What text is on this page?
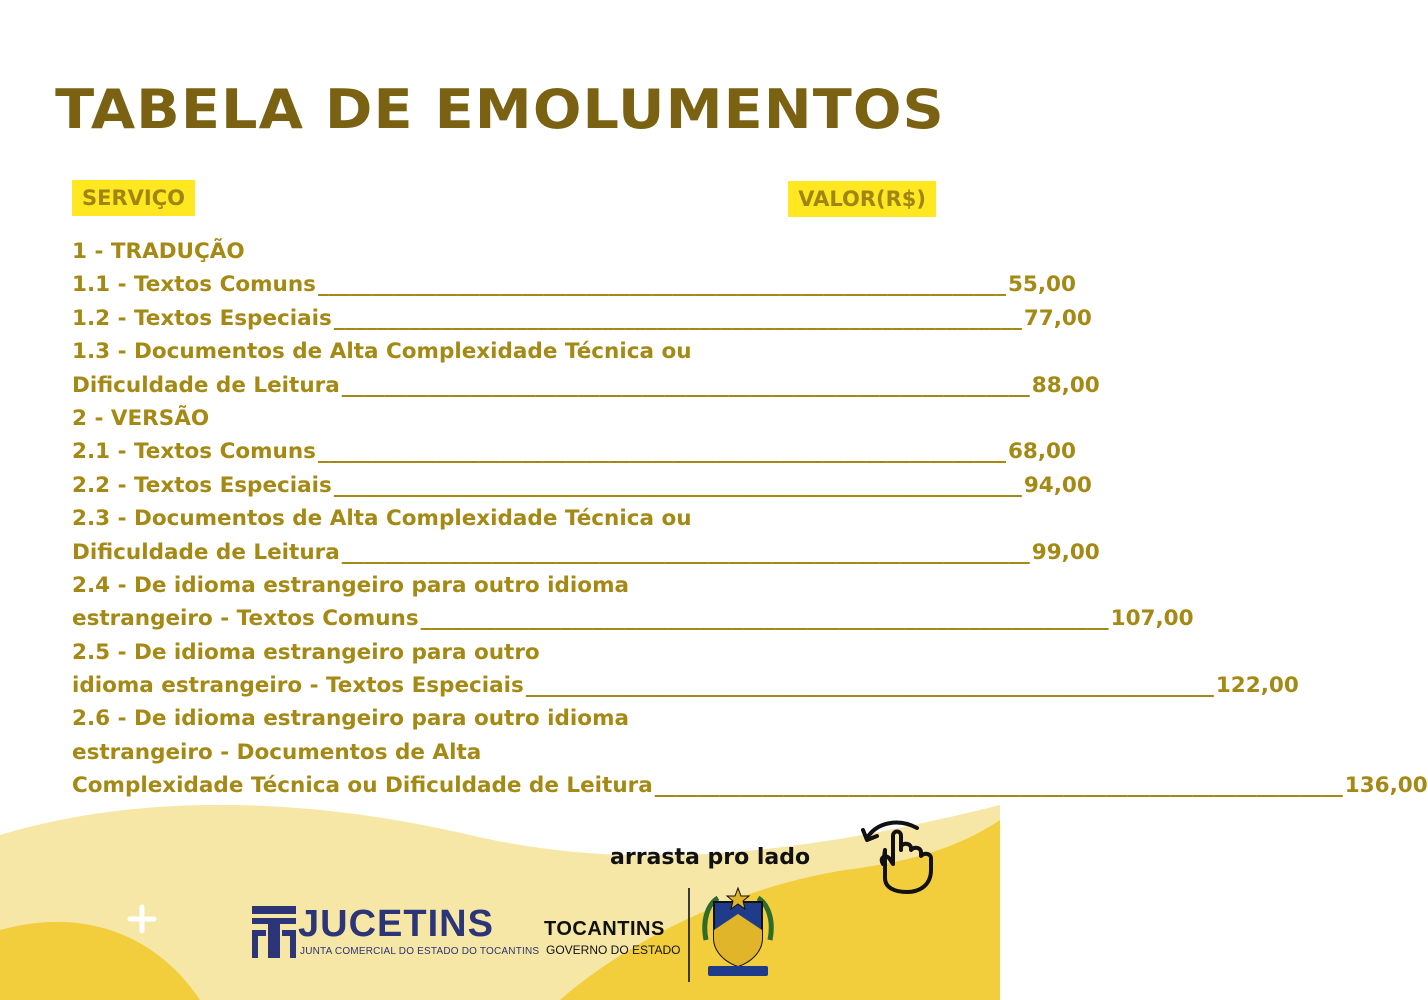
TABELA DE EMOLUMENTOS
SERVIÇO	VALOR(R$)
1 - TRADUÇÃO
1.1 - Textos Comuns ________________________________________________________________ 55,00
1.2 - Textos Especiais ________________________________________________________________ 77,00
1.3 - Documentos de Alta Complexidade Técnica ou
Dificuldade de Leitura ________________________________________________________________ 88,00
2 - VERSÃO
2.1 - Textos Comuns ________________________________________________________________ 68,00
2.2 - Textos Especiais ________________________________________________________________ 94,00
2.3 - Documentos de Alta Complexidade Técnica ou
Dificuldade de Leitura ________________________________________________________________ 99,00
2.4 - De idioma estrangeiro para outro idioma
estrangeiro - Textos Comuns ________________________________________________________________ 107,00
2.5 - De idioma estrangeiro para outro
idioma estrangeiro - Textos Especiais ________________________________________________________________ 122,00
2.6 - De idioma estrangeiro para outro idioma
estrangeiro - Documentos de Alta
Complexidade Técnica ou Dificuldade de Leitura ________________________________________________________________ 136,00
arrasta pro lado
JUCETINS
JUNTA COMERCIAL DO ESTADO DO TOCANTINS
TOCANTINS
GOVERNO DO ESTADO
